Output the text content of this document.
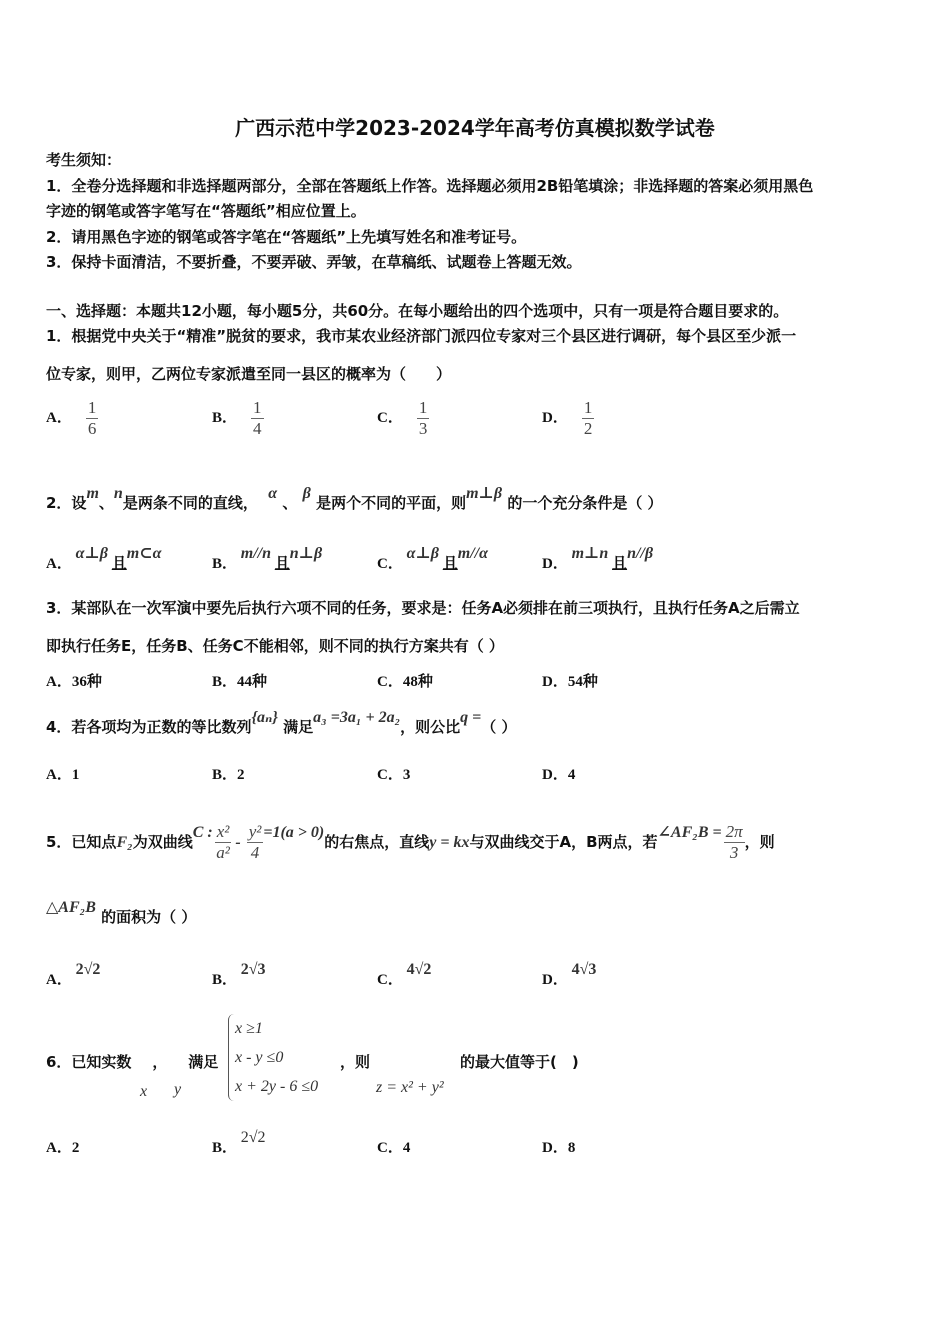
广西示范中学2023-2024学年高考仿真模拟数学试卷
考生须知：
1．全卷分选择题和非选择题两部分，全部在答题纸上作答。选择题必须用2B铅笔填涂；非选择题的答案必须用黑色
字迹的钢笔或答字笔写在“答题纸”相应位置上。
2．请用黑色字迹的钢笔或答字笔在“答题纸”上先填写姓名和准考证号。
3．保持卡面清洁，不要折叠，不要弄破、弄皱，在草稿纸、试题卷上答题无效。
一、选择题：本题共12小题，每小题5分，共60分。在每小题给出的四个选项中，只有一项是符合题目要求的。
1．根据党中央关于“精准”脱贫的要求，我市某农业经济部门派四位专家对三个县区进行调研，每个县区至少派一
位专家，则甲，乙两位专家派遣至同一县区的概率为（　　）
A． $\frac{1}{6}$	B． $\frac{1}{4}$	C． $\frac{1}{3}$	D． $\frac{1}{2}$
2．设m、n是两条不同的直线，  α 、 β 是两个不同的平面，则m⊥β 的一个充分条件是（ ）
A． α⊥β 且m⊂α
B． m//n 且n⊥β
C． α⊥β 且m//α
D． m⊥n 且n//β
3．某部队在一次军演中要先后执行六项不同的任务，要求是：任务A必须排在前三项执行，且执行任务A之后需立
即执行任务E，任务B、任务C不能相邻，则不同的执行方案共有（ ）
A．36种	B．44种	C．48种	D．54种
4．若各项均为正数的等比数列{aₙ} 满足a₃ =3a₁ + 2a₂，则公比q =（ ）
A．1	B．2	C．3	D．4
5．已知点F₂为双曲线C : $\frac{\text{x²}}{\text{a²}} - \frac{\text{y²}}{4} =1(a > 0)$的右焦点，直线y = kx与双曲线交于A，B两点，若∠AF₂B = $\frac{2\pi}{3}$ ，则
△AF₂B 的面积为（ ）
A． 2√2
B． 2√3
C． 4√2
D． 4√3
6．已知实数 ， 满足
x y
x ≥1
x - y ≤0
x + 2y - 6 ≤0
，则
z = x² + y²
的最大值等于(　)
A．2	B． 2√2
C．4	D．8
